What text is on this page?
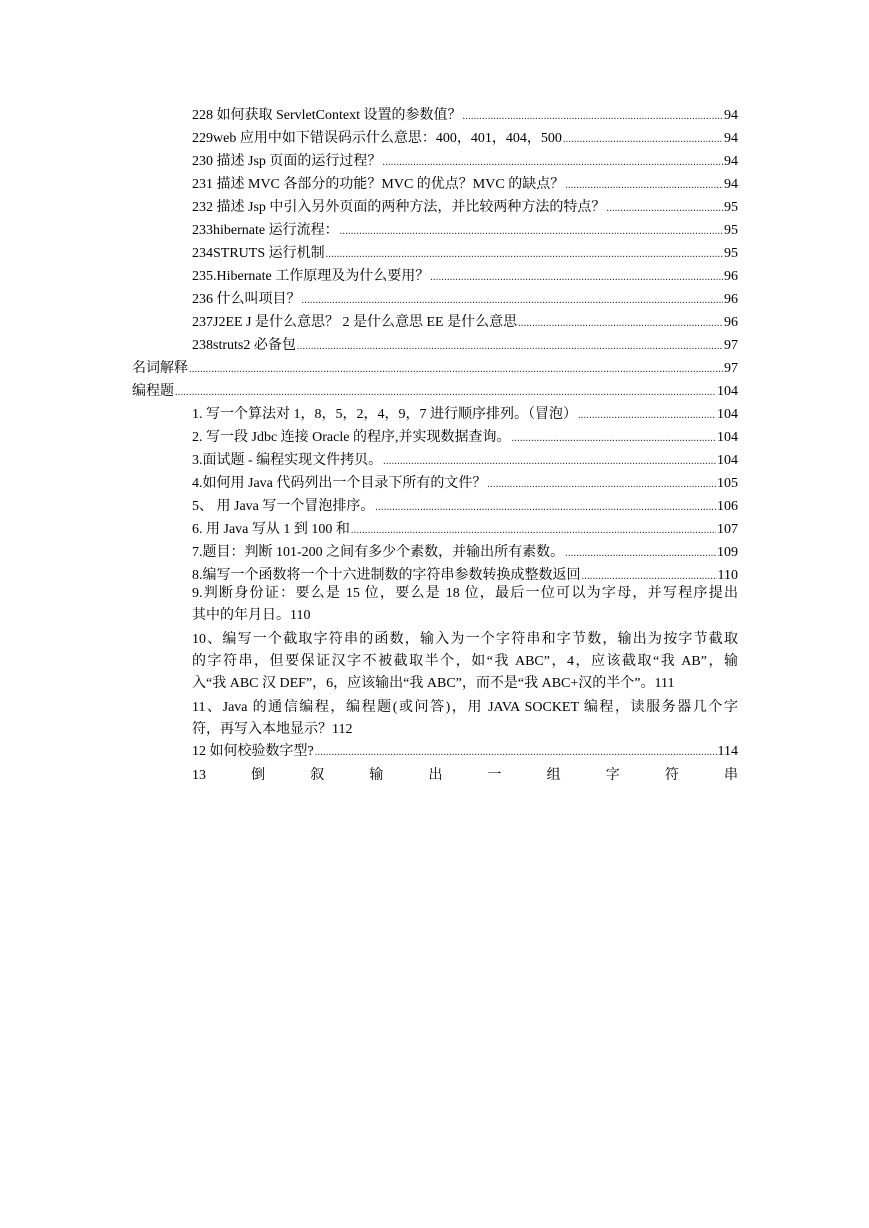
228 如何获取 ServletContext 设置的参数值？ .....	94
229web 应用中如下错误码示什么意思：400，401，404，500 .....	94
230 描述 Jsp 页面的运行过程？ .....	94
231 描述 MVC 各部分的功能？MVC 的优点？MVC 的缺点？ .....	94
232 描述 Jsp 中引入另外页面的两种方法，并比较两种方法的特点？ .....	95
233hibernate 运行流程： .....	95
234STRUTS 运行机制 .....	95
235.Hibernate 工作原理及为什么要用？ .....	96
236 什么叫项目？ .....	96
237J2EE J 是什么意思？ 2 是什么意思 EE 是什么意思 .....	96
238struts2 必备包 .....	97
名词解释 .....	97
编程题 .....	104
1. 写一个算法对 1，8，5，2，4，9，7 进行顺序排列。（冒泡） .....	104
2. 写一段 Jdbc 连接 Oracle 的程序,并实现数据查询。 .....	104
3.面试题 - 编程实现文件拷贝。 .....	104
4.如何用 Java 代码列出一个目录下所有的文件？ .....	105
5、 用 Java 写一个冒泡排序。 .....	106
6. 用 Java 写从 1 到 100 和 .....	107
7.题目：判断 101-200 之间有多少个素数，并输出所有素数。 .....	109
8.编写一个函数将一个十六进制数的字符串参数转换成整数返回 .....	110
9.判断身份证：要么是 15 位，要么是 18 位，最后一位可以为字母，并写程序提出
其中的年月日。 110
10、编写一个截取字符串的函数，输入为一个字符串和字节数，输出为按字节截取
的字符串，但要保证汉字不被截取半个，如“我 ABC”，4，应该截取“我 AB”，输
入“我 ABC 汉 DEF”，6，应该输出“我 ABC”，而不是“我 ABC+汉的半个”。 111
11、Java 的通信编程，编程题(或问答)，用 JAVA SOCKET 编程，读服务器几个字
符，再写入本地显示？ 112
12 如何校验数字型? .....	114
13	倒	叙	输	出	一	组	字	符	串
